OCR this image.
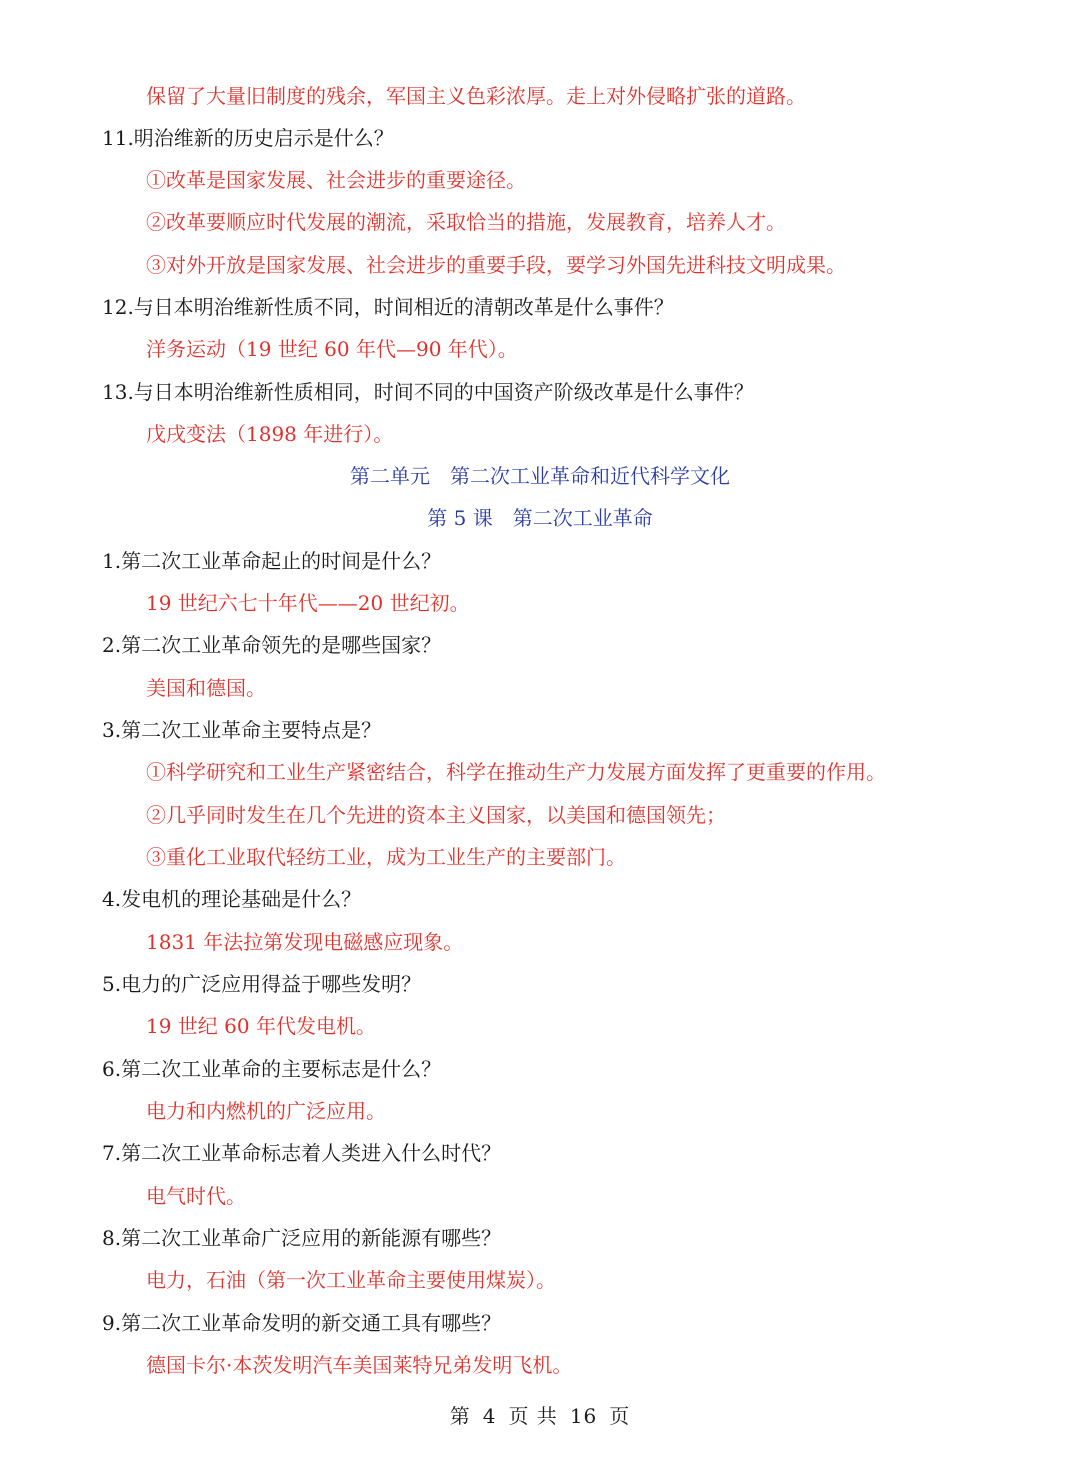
保留了大量旧制度的残余，军国主义色彩浓厚。走上对外侵略扩张的道路。
11.明治维新的历史启示是什么？
①改革是国家发展、社会进步的重要途径。
②改革要顺应时代发展的潮流，采取恰当的措施，发展教育，培养人才。
③对外开放是国家发展、社会进步的重要手段，要学习外国先进科技文明成果。
12.与日本明治维新性质不同，时间相近的清朝改革是什么事件？
洋务运动（19 世纪 60 年代—90 年代）。
13.与日本明治维新性质相同，时间不同的中国资产阶级改革是什么事件？
戊戌变法（1898 年进行）。
第二单元　第二次工业革命和近代科学文化
第 5 课　第二次工业革命
1.第二次工业革命起止的时间是什么？
19 世纪六七十年代——20 世纪初。
2.第二次工业革命领先的是哪些国家？
美国和德国。
3.第二次工业革命主要特点是？
①科学研究和工业生产紧密结合，科学在推动生产力发展方面发挥了更重要的作用。
②几乎同时发生在几个先进的资本主义国家，以美国和德国领先；
③重化工业取代轻纺工业，成为工业生产的主要部门。
4.发电机的理论基础是什么？
1831 年法拉第发现电磁感应现象。
5.电力的广泛应用得益于哪些发明？
19 世纪 60 年代发电机。
6.第二次工业革命的主要标志是什么？
电力和内燃机的广泛应用。
7.第二次工业革命标志着人类进入什么时代？
电气时代。
8.第二次工业革命广泛应用的新能源有哪些？
电力，石油（第一次工业革命主要使用煤炭）。
9.第二次工业革命发明的新交通工具有哪些？
德国卡尔·本茨发明汽车美国莱特兄弟发明飞机。
第 4 页 共 16 页
